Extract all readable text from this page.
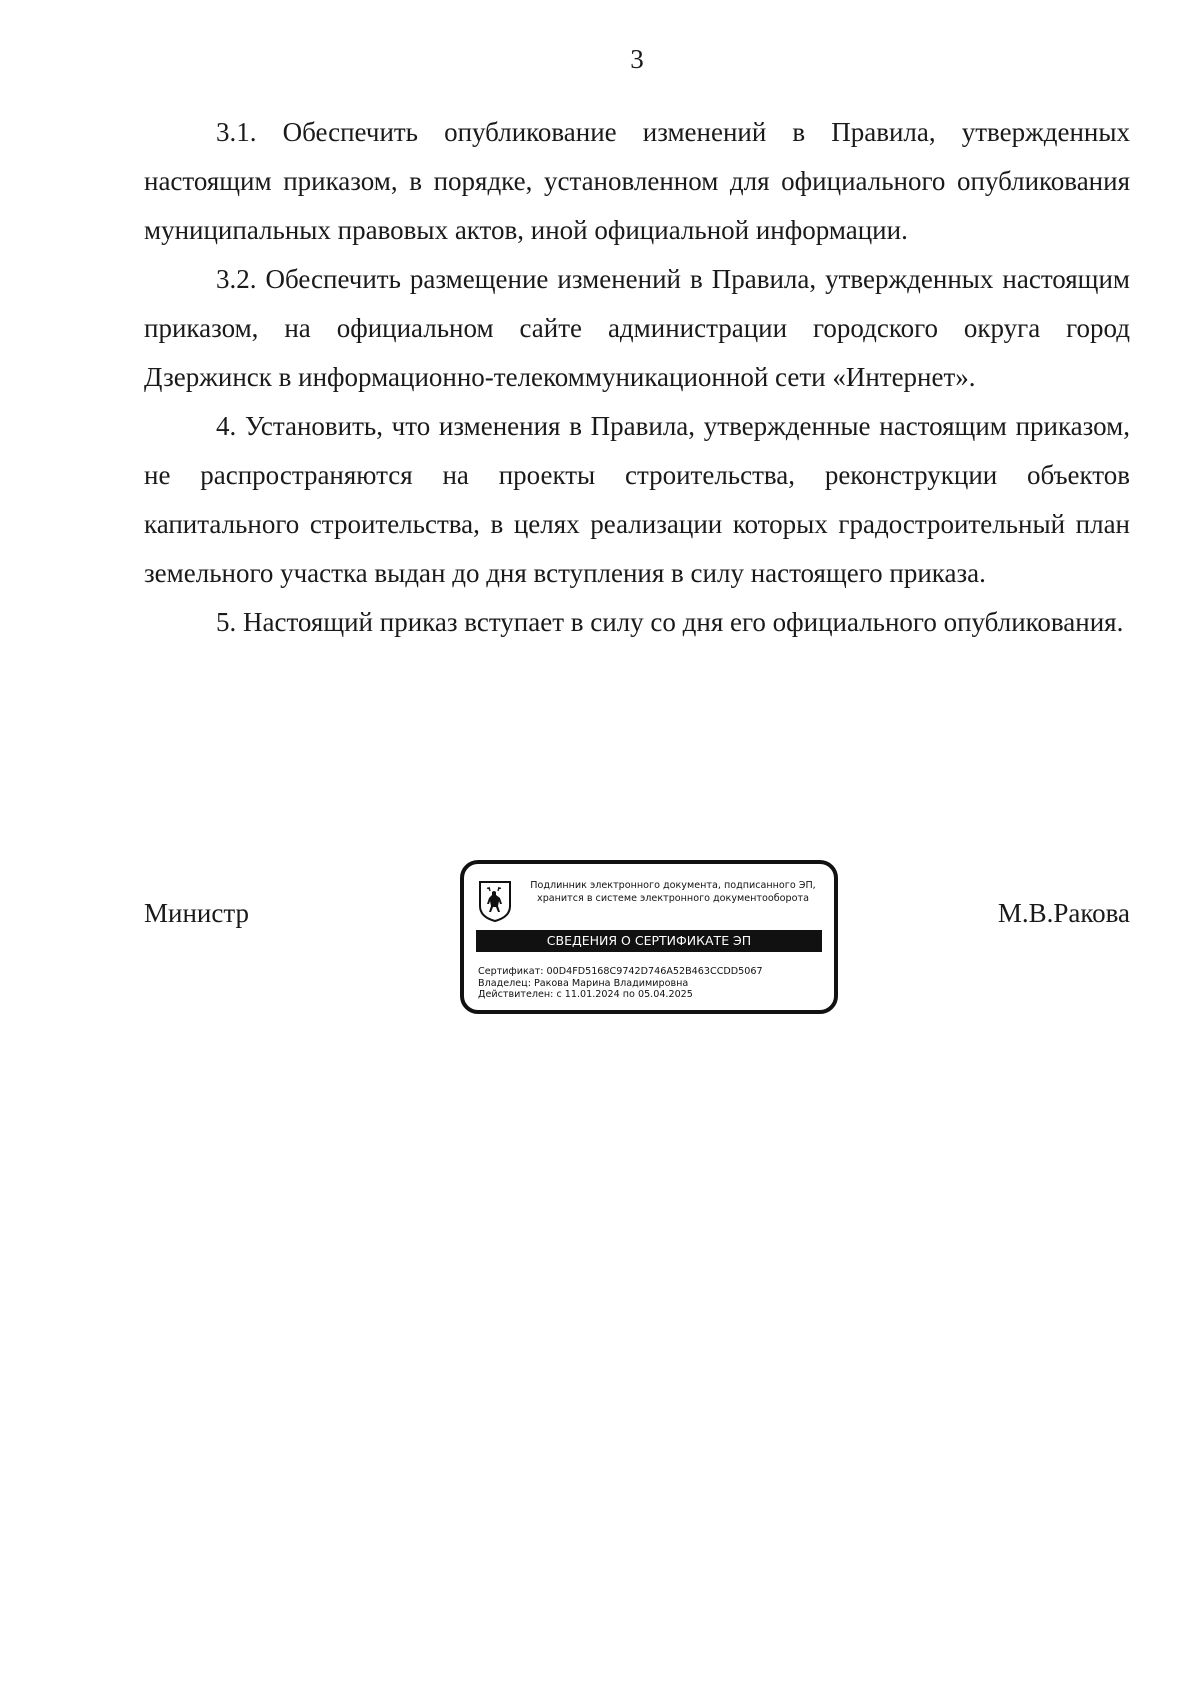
3

3.1. Обеспечить опубликование изменений в Правила, утвержденных настоящим приказом, в порядке, установленном для официального опубликования муниципальных правовых актов, иной официальной информации.

3.2. Обеспечить размещение изменений в Правила, утвержденных настоящим приказом, на официальном сайте администрации городского округа город Дзержинск в информационно-телекоммуникационной сети «Интернет».

4. Установить, что изменения в Правила, утвержденные настоящим приказом, не распространяются на проекты строительства, реконструкции объектов капитального строительства, в целях реализации которых градостроительный план земельного участка выдан до дня вступления в силу настоящего приказа.

5. Настоящий приказ вступает в силу со дня его официального опубликования.

Министр	М.В.Ракова
Подлинник электронного документа, подписанного ЭП,
хранится в системе электронного документооборота
СВЕДЕНИЯ О СЕРТИФИКАТЕ ЭП
Сертификат: 00D4FD5168C9742D746A52B463CCDD5067
Владелец: Ракова Марина Владимировна
Действителен: с 11.01.2024 по 05.04.2025
